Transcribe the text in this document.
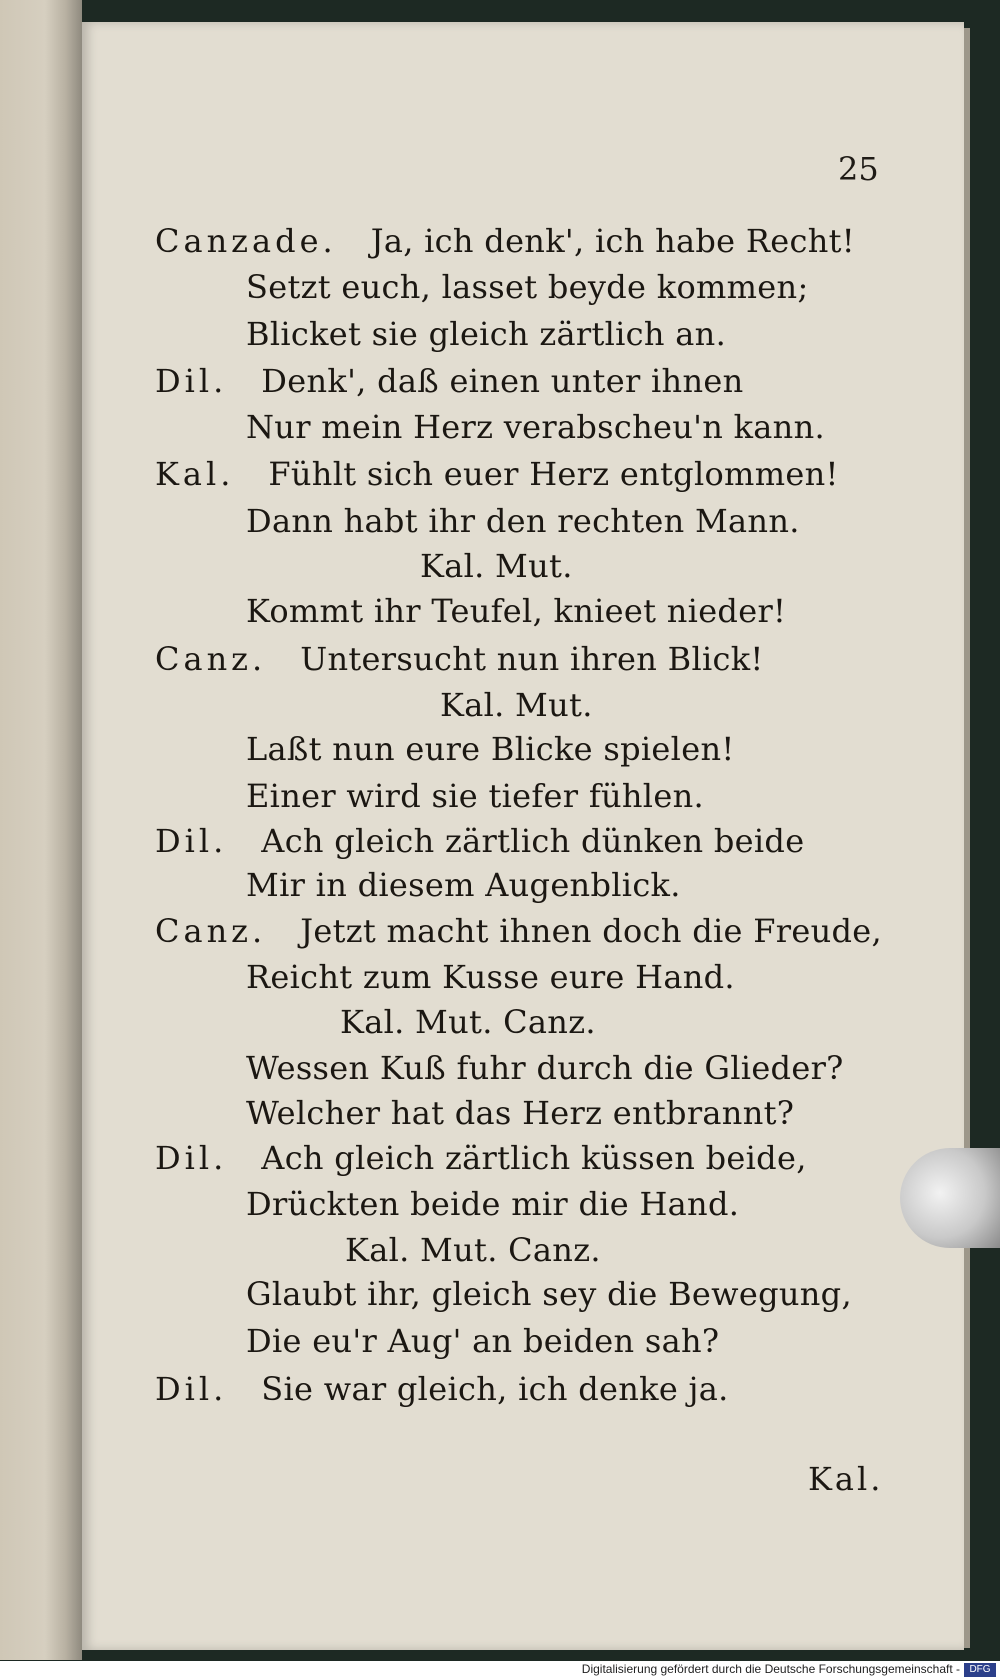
25
Canzade. Ja, ich denk', ich habe Recht!
Setzt euch, lasset beyde kommen;
Blicket sie gleich zärtlich an.
Dil. Denk', daß einen unter ihnen
Nur mein Herz verabscheu'n kann.
Kal. Fühlt sich euer Herz entglommen!
Dann habt ihr den rechten Mann.
Kal. Mut.
Kommt ihr Teufel, knieet nieder!
Canz. Untersucht nun ihren Blick!
Kal. Mut.
Laßt nun eure Blicke spielen!
Einer wird sie tiefer fühlen.
Dil. Ach gleich zärtlich dünken beide
Mir in diesem Augenblick.
Canz. Jetzt macht ihnen doch die Freude,
Reicht zum Kusse eure Hand.
Kal. Mut. Canz.
Wessen Kuß fuhr durch die Glieder?
Welcher hat das Herz entbrannt?
Dil. Ach gleich zärtlich küssen beide,
Drückten beide mir die Hand.
Kal. Mut. Canz.
Glaubt ihr, gleich sey die Bewegung,
Die eu'r Aug' an beiden sah?
Dil. Sie war gleich, ich denke ja.
Kal.
Digitalisierung gefördert durch die Deutsche Forschungsgemeinschaft - DFG
